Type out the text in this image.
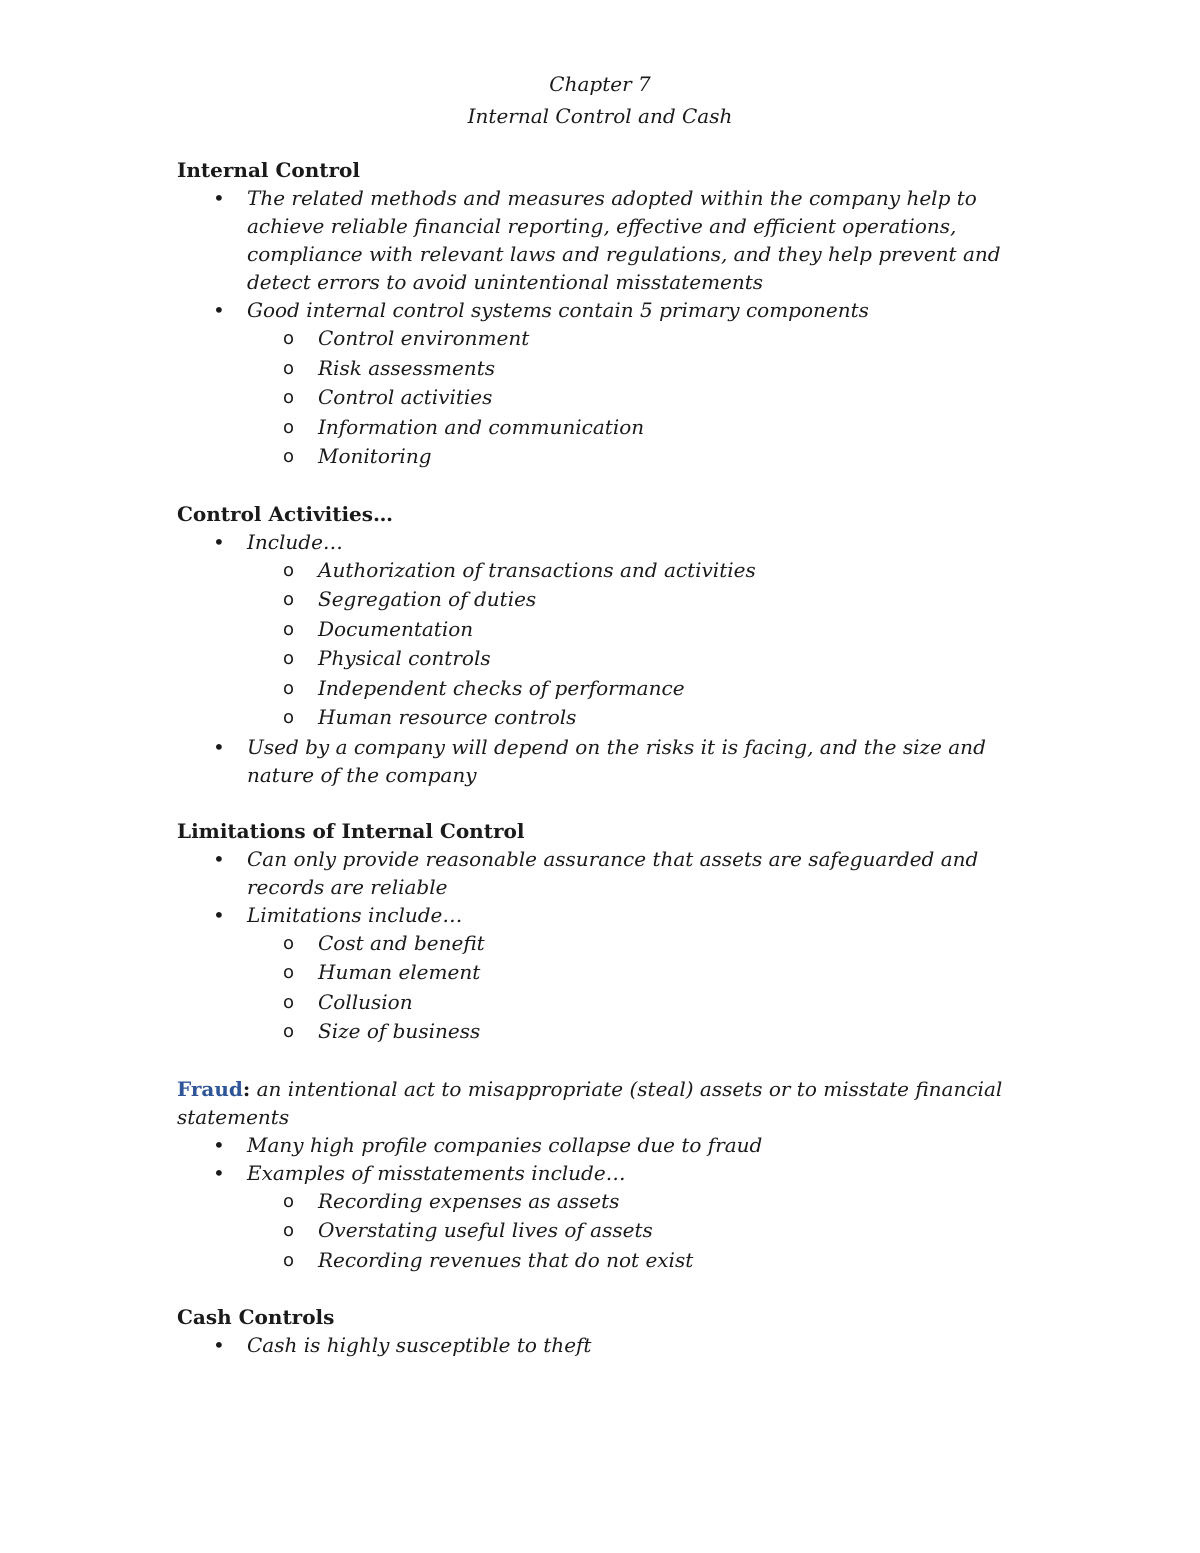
Chapter 7

Internal Control and Cash

Internal Control

• The related methods and measures adopted within the company help to achieve reliable financial reporting, effective and efficient operations, compliance with relevant laws and regulations, and they help prevent and detect errors to avoid unintentional misstatements
• Good internal control systems contain 5 primary components
o Control environment
o Risk assessments
o Control activities
o Information and communication
o Monitoring

Control Activities…

• Include…
o Authorization of transactions and activities
o Segregation of duties
o Documentation
o Physical controls
o Independent checks of performance
o Human resource controls
• Used by a company will depend on the risks it is facing, and the size and nature of the company

Limitations of Internal Control

• Can only provide reasonable assurance that assets are safeguarded and records are reliable
• Limitations include…
o Cost and benefit
o Human element
o Collusion
o Size of business

Fraud: an intentional act to misappropriate (steal) assets or to misstate financial statements

• Many high profile companies collapse due to fraud
• Examples of misstatements include…
o Recording expenses as assets
o Overstating useful lives of assets
o Recording revenues that do not exist

Cash Controls

• Cash is highly susceptible to theft
